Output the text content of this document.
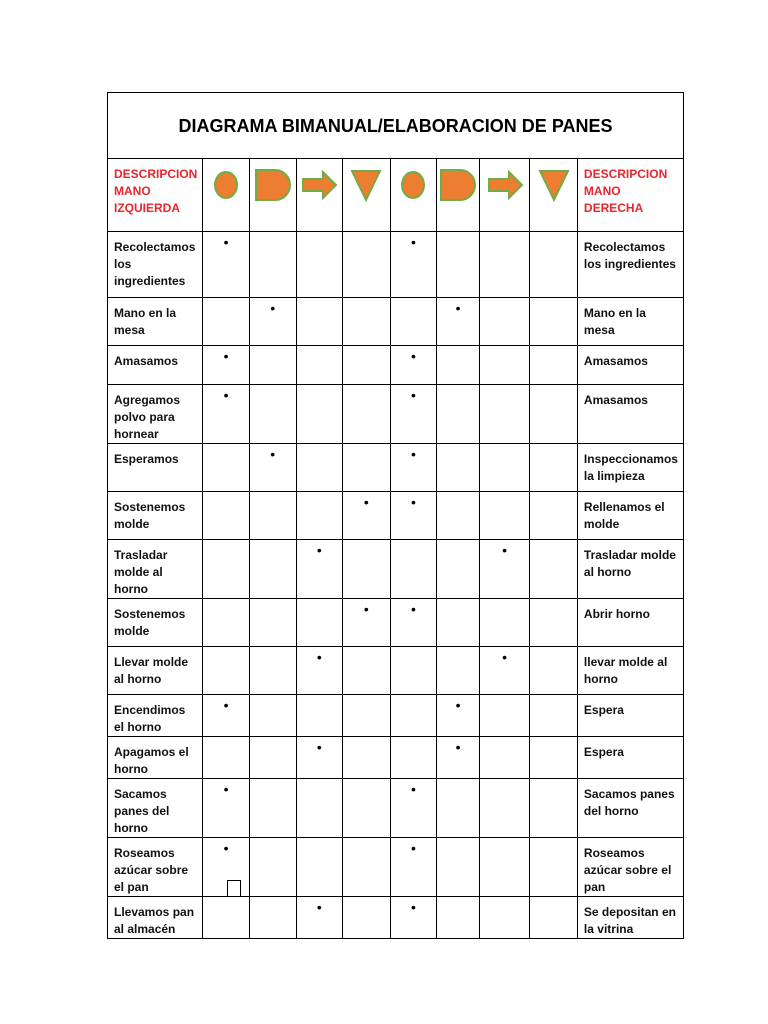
DIAGRAMA BIMANUAL/ELABORACION DE PANES
DESCRIPCION MANO IZQUIERDA									DESCRIPCION MANO DERECHA
Recolectamos los ingredientes	•				•				Recolectamos los ingredientes
Mano en la mesa		•				•			Mano en la mesa
Amasamos	•				•				Amasamos
Agregamos polvo para hornear	•				•				Amasamos
Esperamos		•			•				Inspeccionamos la limpieza
Sostenemos molde				•	•				Rellenamos el molde
Trasladar molde al horno			•				•		Trasladar molde al horno
Sostenemos molde				•	•				Abrir horno
Llevar molde al horno			•				•		llevar molde al horno
Encendimos el horno	•					•			Espera
Apagamos el horno			•			•			Espera
Sacamos panes del horno	•				•				Sacamos panes del horno
Roseamos azúcar sobre el pan	•				•				Roseamos azúcar sobre el pan
Llevamos pan al almacén			•		•				Se depositan en la vitrina
